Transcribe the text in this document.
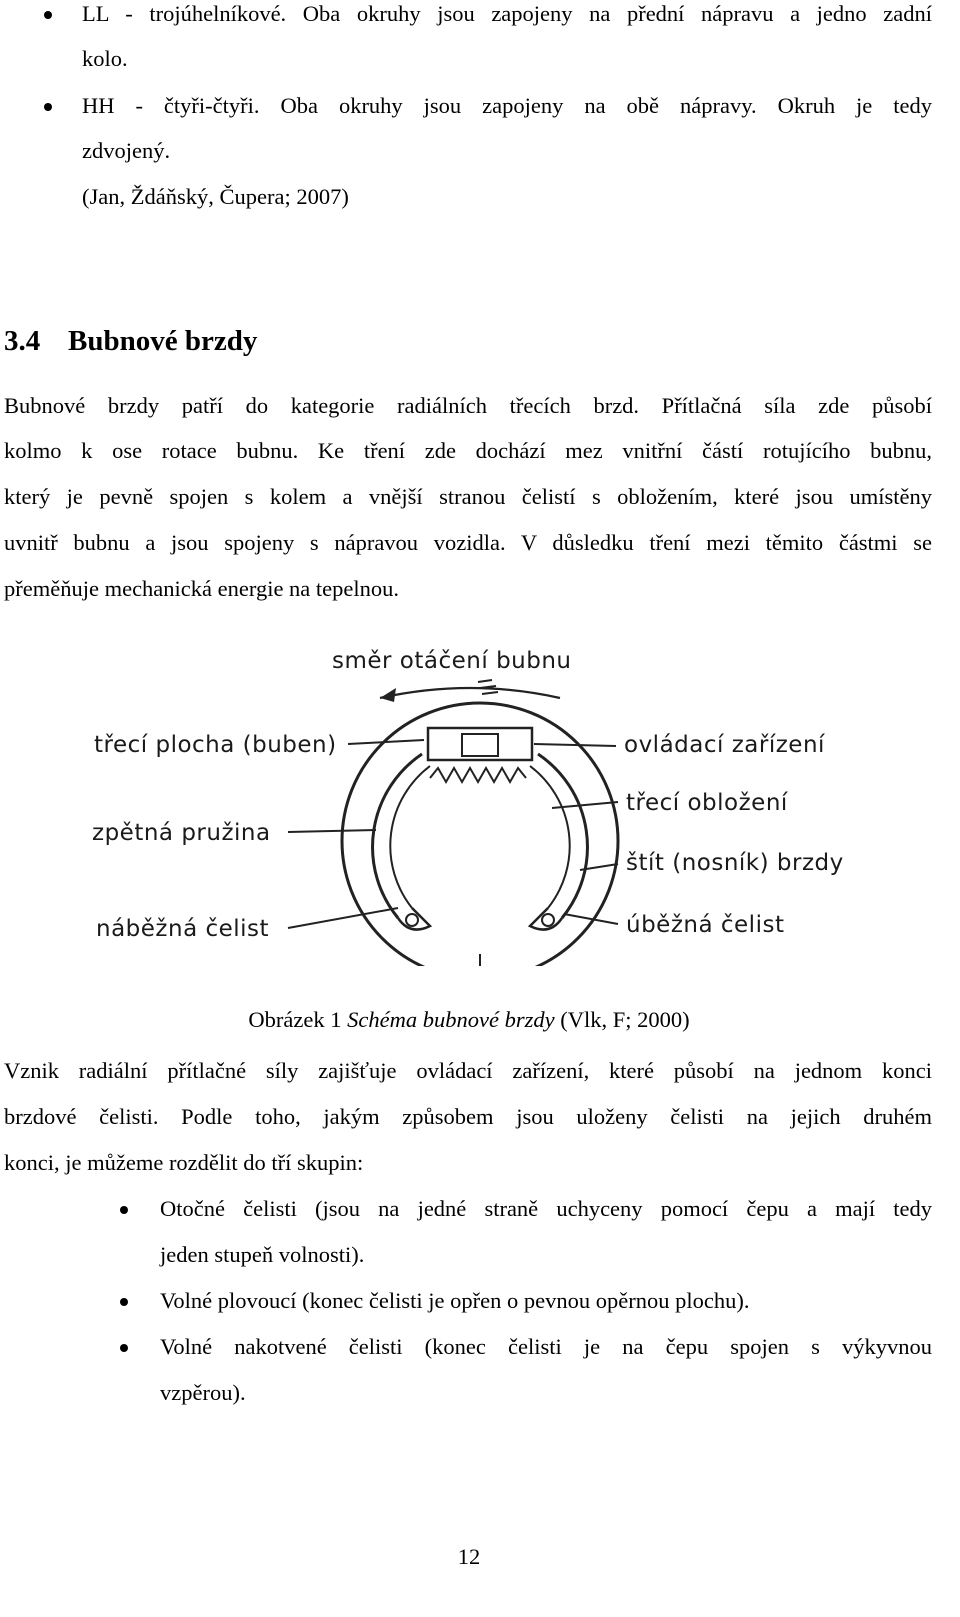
LL - trojúhelníkové. Oba okruhy jsou zapojeny na přední nápravu a jedno zadní
kolo.
HH - čtyři-čtyři. Oba okruhy jsou zapojeny na obě nápravy. Okruh je tedy
zdvojený.
(Jan, Ždáňský, Čupera; 2007)
3.4 Bubnové brzdy
Bubnové brzdy patří do kategorie radiálních třecích brzd. Přítlačná síla zde působí
kolmo k ose rotace bubnu. Ke tření zde dochází mez vnitřní částí rotujícího bubnu,
který je pevně spojen s kolem a vnější stranou čelistí s obložením, které jsou umístěny
uvnitř bubnu a jsou spojeny s nápravou vozidla. V důsledku tření mezi těmito částmi se
přeměňuje mechanická energie na tepelnou.
směr otáčení bubnu
třecí plocha (buben)
zpětná pružina
náběžná čelist
ovládací zařízení
třecí obložení
štít (nosník) brzdy
úběžná čelist
Obrázek 1 Schéma bubnové brzdy (Vlk, F; 2000)
Vznik radiální přítlačné síly zajišťuje ovládací zařízení, které působí na jednom konci
brzdové čelisti. Podle toho, jakým způsobem jsou uloženy čelisti na jejich druhém
konci, je můžeme rozdělit do tří skupin:
Otočné čelisti (jsou na jedné straně uchyceny pomocí čepu a mají tedy
jeden stupeň volnosti).
Volné plovoucí (konec čelisti je opřen o pevnou opěrnou plochu).
Volné nakotvené čelisti (konec čelisti je na čepu spojen s výkyvnou
vzpěrou).
12
